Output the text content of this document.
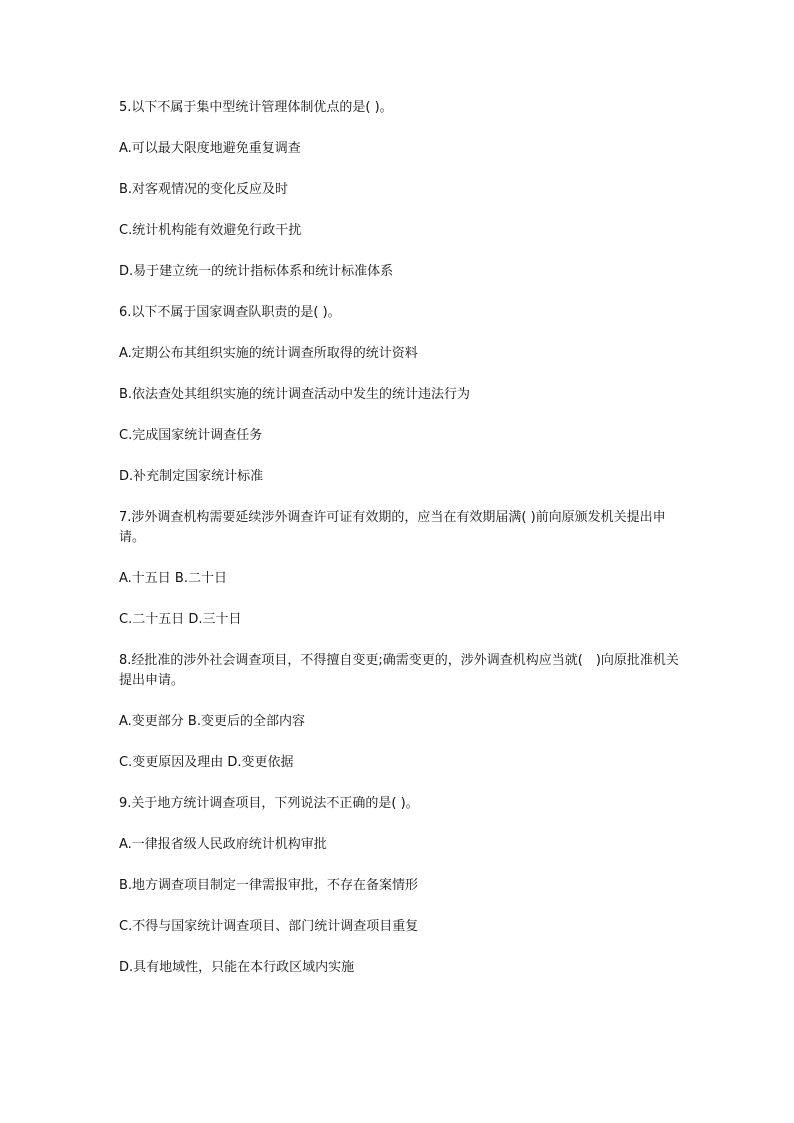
5.以下不属于集中型统计管理体制优点的是( )。

A.可以最大限度地避免重复调查

B.对客观情况的变化反应及时

C.统计机构能有效避免行政干扰

D.易于建立统一的统计指标体系和统计标准体系

6.以下不属于国家调查队职责的是( )。

A.定期公布其组织实施的统计调查所取得的统计资料

B.依法查处其组织实施的统计调查活动中发生的统计违法行为

C.完成国家统计调查任务

D.补充制定国家统计标准

7.涉外调查机构需要延续涉外调查许可证有效期的，应当在有效期届满( )前向原颁发机关提出申请。

A.十五日 B.二十日

C.二十五日 D.三十日

8.经批准的涉外社会调查项目，不得擅自变更;确需变更的，涉外调查机构应当就(　)向原批准机关提出申请。

A.变更部分 B.变更后的全部内容

C.变更原因及理由 D.变更依据

9.关于地方统计调查项目，下列说法不正确的是( )。

A.一律报省级人民政府统计机构审批

B.地方调查项目制定一律需报审批，不存在备案情形

C.不得与国家统计调查项目、部门统计调查项目重复

D.具有地域性，只能在本行政区域内实施
